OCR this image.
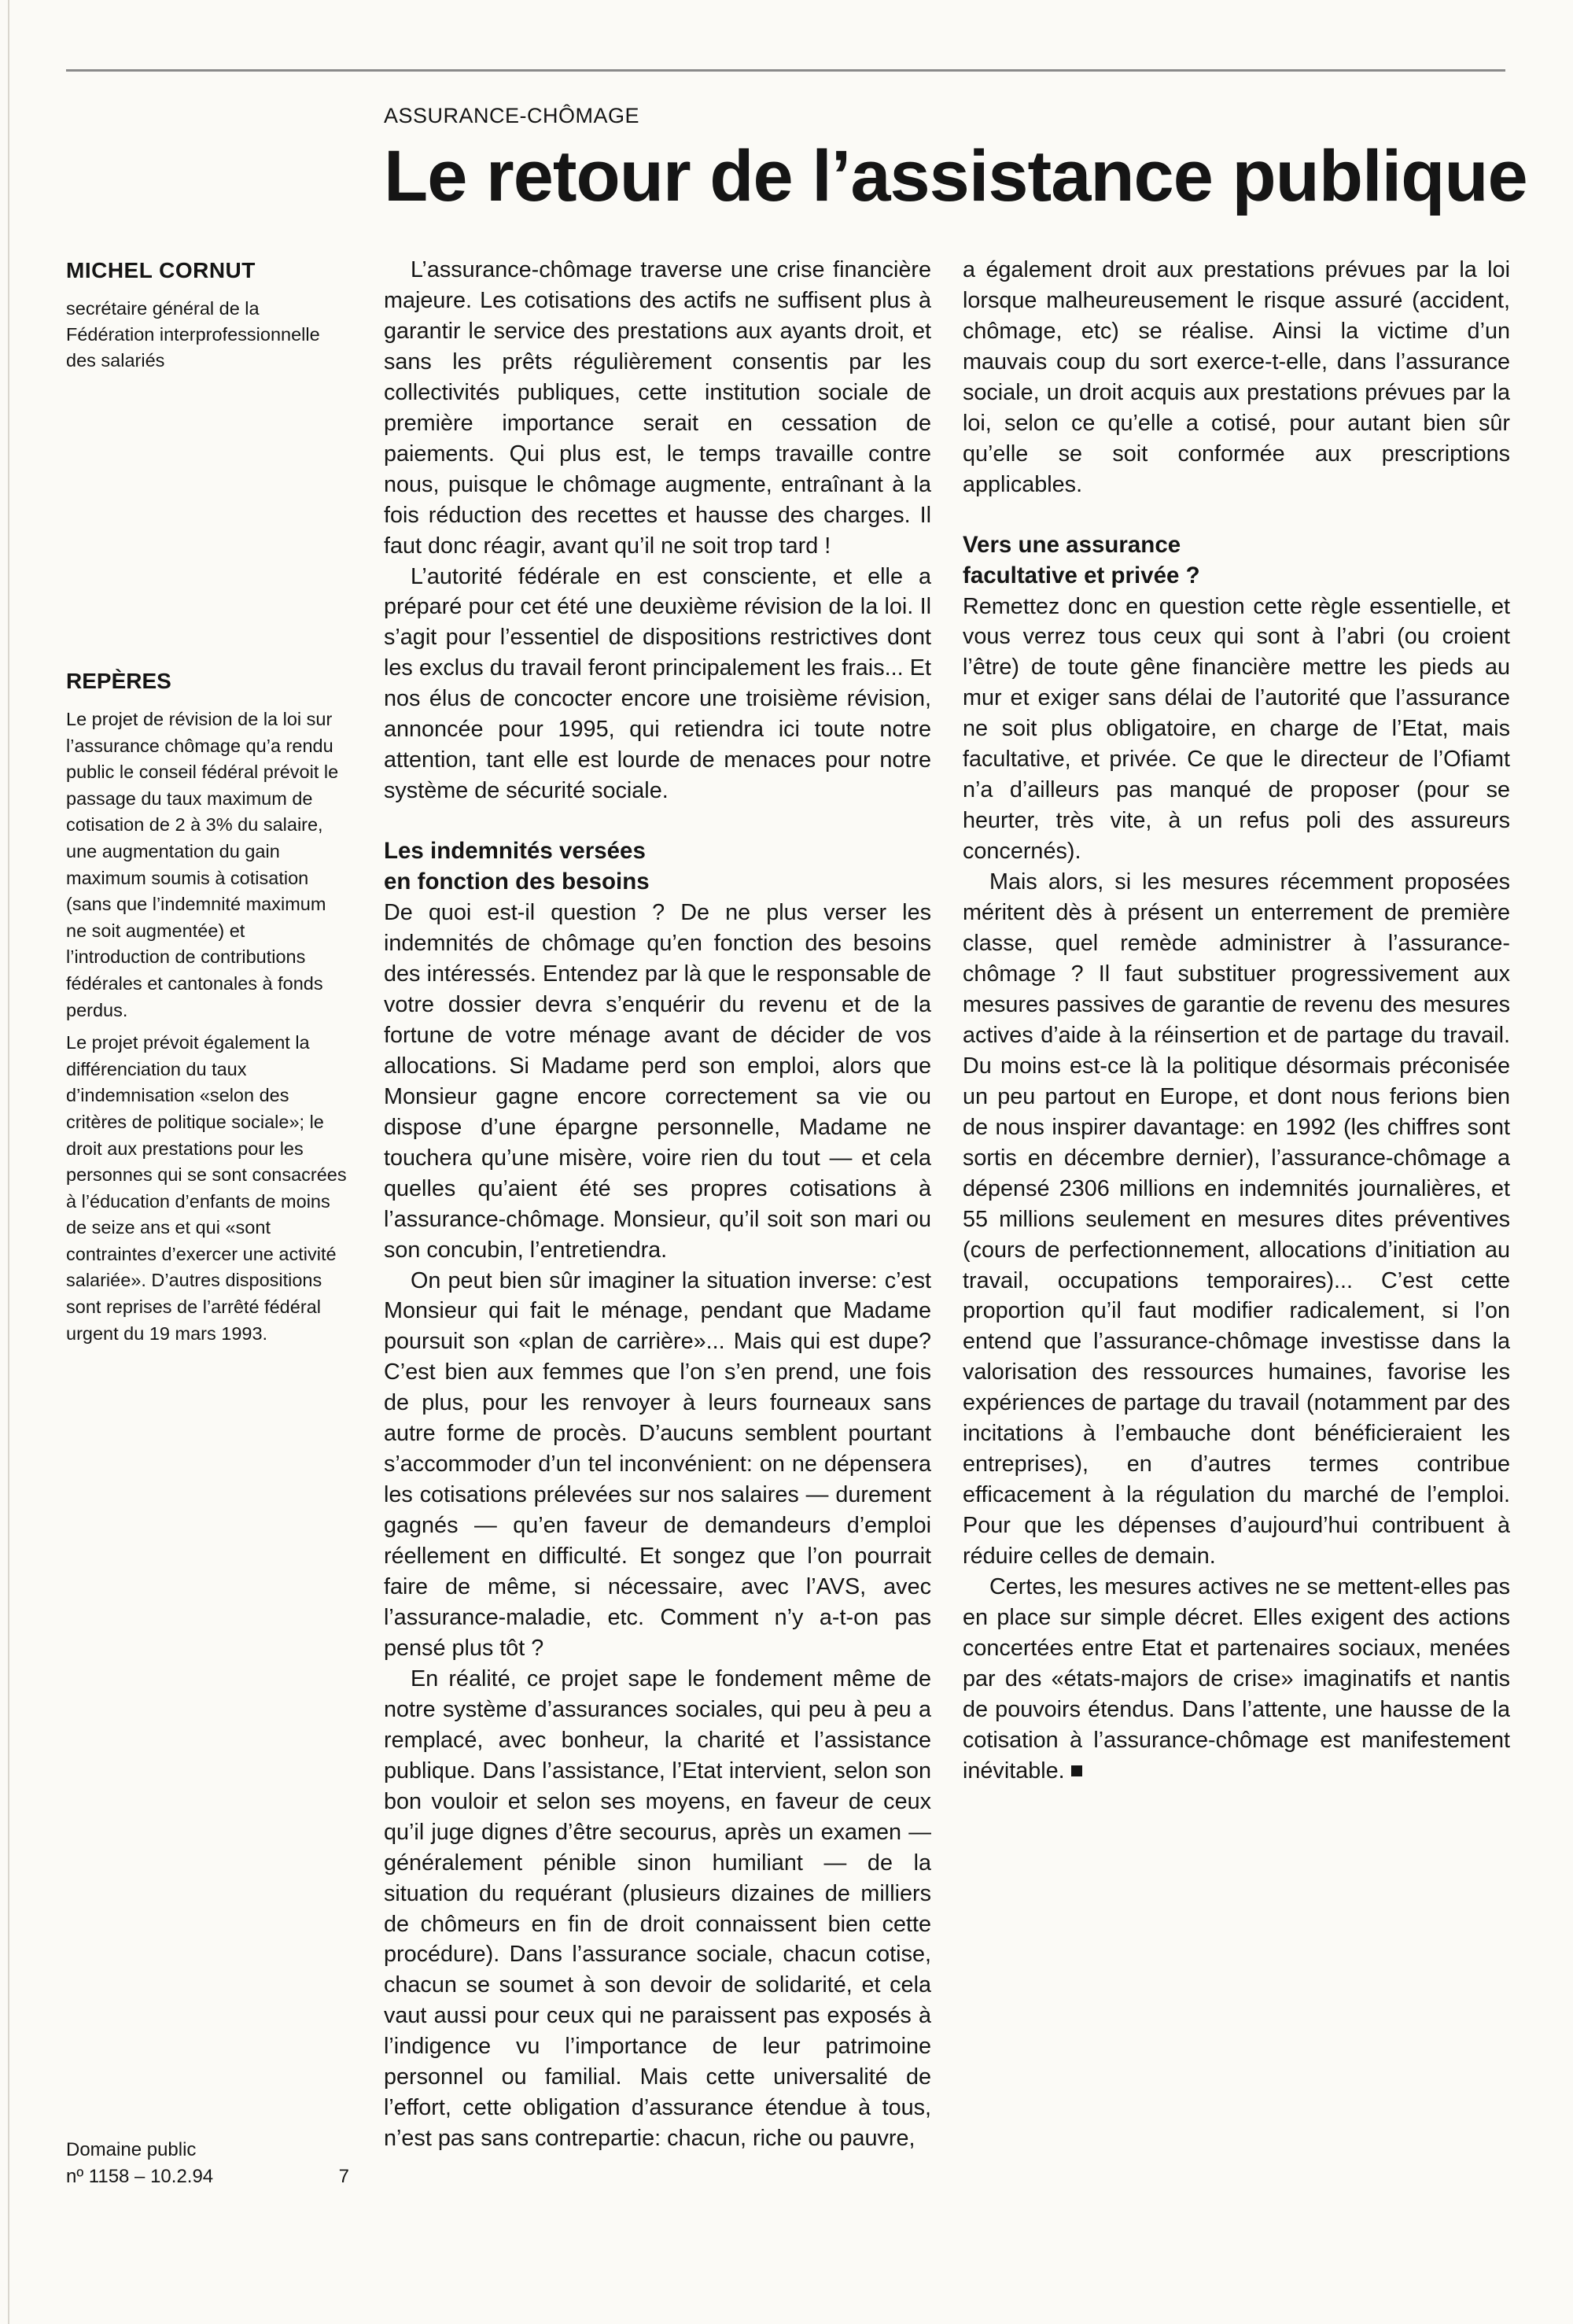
ASSURANCE-CHÔMAGE
Le retour de l’assistance publique

MICHEL CORNUT

secrétaire général de la Fédération interprofessionnelle des salariés

REPÈRES

Le projet de révision de la loi sur l’assurance chômage qu’a rendu public le conseil fédéral prévoit le passage du taux maximum de cotisation de 2 à 3% du salaire, une augmentation du gain maximum soumis à cotisation (sans que l’indemnité maximum ne soit augmentée) et l’introduction de contributions fédérales et cantonales à fonds perdus.

Le projet prévoit également la différenciation du taux d’indemnisation «selon des critères de politique sociale»; le droit aux prestations pour les personnes qui se sont consacrées à l’éducation d’enfants de moins de seize ans et qui «sont contraintes d’exercer une activité salariée». D’autres dispositions sont reprises de l’arrêté fédéral urgent du 19 mars 1993.

Domaine public
nº 1158 – 10.2.94	7

L’assurance-chômage traverse une crise financière majeure. Les cotisations des actifs ne suffisent plus à garantir le service des prestations aux ayants droit, et sans les prêts régulièrement consentis par les collectivités publiques, cette institution sociale de première importance serait en cessation de paiements. Qui plus est, le temps travaille contre nous, puisque le chômage augmente, entraînant à la fois réduction des recettes et hausse des charges. Il faut donc réagir, avant qu’il ne soit trop tard !

L’autorité fédérale en est consciente, et elle a préparé pour cet été une deuxième révision de la loi. Il s’agit pour l’essentiel de dispositions restrictives dont les exclus du travail feront principalement les frais... Et nos élus de concocter encore une troisième révision, annoncée pour 1995, qui retiendra ici toute notre attention, tant elle est lourde de menaces pour notre système de sécurité sociale.

Les indemnités versées
en fonction des besoins

De quoi est-il question ? De ne plus verser les indemnités de chômage qu’en fonction des besoins des intéressés. Entendez par là que le responsable de votre dossier devra s’enquérir du revenu et de la fortune de votre ménage avant de décider de vos allocations. Si Madame perd son emploi, alors que Monsieur gagne encore correctement sa vie ou dispose d’une épargne personnelle, Madame ne touchera qu’une misère, voire rien du tout — et cela quelles qu’aient été ses propres cotisations à l’assurance-chômage. Monsieur, qu’il soit son mari ou son concubin, l’entretiendra.

On peut bien sûr imaginer la situation inverse: c’est Monsieur qui fait le ménage, pendant que Madame poursuit son «plan de carrière»... Mais qui est dupe? C’est bien aux femmes que l’on s’en prend, une fois de plus, pour les renvoyer à leurs fourneaux sans autre forme de procès. D’aucuns semblent pourtant s’accommoder d’un tel inconvénient: on ne dépensera les cotisations prélevées sur nos salaires — durement gagnés — qu’en faveur de demandeurs d’emploi réellement en difficulté. Et songez que l’on pourrait faire de même, si nécessaire, avec l’AVS, avec l’assurance-maladie, etc. Comment n’y a-t-on pas pensé plus tôt ?

En réalité, ce projet sape le fondement même de notre système d’assurances sociales, qui peu à peu a remplacé, avec bonheur, la charité et l’assistance publique. Dans l’assistance, l’Etat intervient, selon son bon vouloir et selon ses moyens, en faveur de ceux qu’il juge dignes d’être secourus, après un examen — généralement pénible sinon humiliant — de la situation du requérant (plusieurs dizaines de milliers de chômeurs en fin de droit connaissent bien cette procédure). Dans l’assurance sociale, chacun cotise, chacun se soumet à son devoir de solidarité, et cela vaut aussi pour ceux qui ne paraissent pas exposés à l’indigence vu l’importance de leur patrimoine personnel ou familial. Mais cette universalité de l’effort, cette obligation d’assurance étendue à tous, n’est pas sans contrepartie: chacun, riche ou pauvre,

a également droit aux prestations prévues par la loi lorsque malheureusement le risque assuré (accident, chômage, etc) se réalise. Ainsi la victime d’un mauvais coup du sort exerce-t-elle, dans l’assurance sociale, un droit acquis aux prestations prévues par la loi, selon ce qu’elle a cotisé, pour autant bien sûr qu’elle se soit conformée aux prescriptions applicables.

Vers une assurance
facultative et privée ?

Remettez donc en question cette règle essentielle, et vous verrez tous ceux qui sont à l’abri (ou croient l’être) de toute gêne financière mettre les pieds au mur et exiger sans délai de l’autorité que l’assurance ne soit plus obligatoire, en charge de l’Etat, mais facultative, et privée. Ce que le directeur de l’Ofiamt n’a d’ailleurs pas manqué de proposer (pour se heurter, très vite, à un refus poli des assureurs concernés).

Mais alors, si les mesures récemment proposées méritent dès à présent un enterrement de première classe, quel remède administrer à l’assurance-chômage ? Il faut substituer progressivement aux mesures passives de garantie de revenu des mesures actives d’aide à la réinsertion et de partage du travail. Du moins est-ce là la politique désormais préconisée un peu partout en Europe, et dont nous ferions bien de nous inspirer davantage: en 1992 (les chiffres sont sortis en décembre dernier), l’assurance-chômage a dépensé 2306 millions en indemnités journalières, et 55 millions seulement en mesures dites préventives (cours de perfectionnement, allocations d’initiation au travail, occupations temporaires)... C’est cette proportion qu’il faut modifier radicalement, si l’on entend que l’assurance-chômage investisse dans la valorisation des ressources humaines, favorise les expériences de partage du travail (notamment par des incitations à l’embauche dont bénéficieraient les entreprises), en d’autres termes contribue efficacement à la régulation du marché de l’emploi. Pour que les dépenses d’aujourd’hui contribuent à réduire celles de demain.

Certes, les mesures actives ne se mettent-elles pas en place sur simple décret. Elles exigent des actions concertées entre Etat et partenaires sociaux, menées par des «états-majors de crise» imaginatifs et nantis de pouvoirs étendus. Dans l’attente, une hausse de la cotisation à l’assurance-chômage est manifestement inévitable.
